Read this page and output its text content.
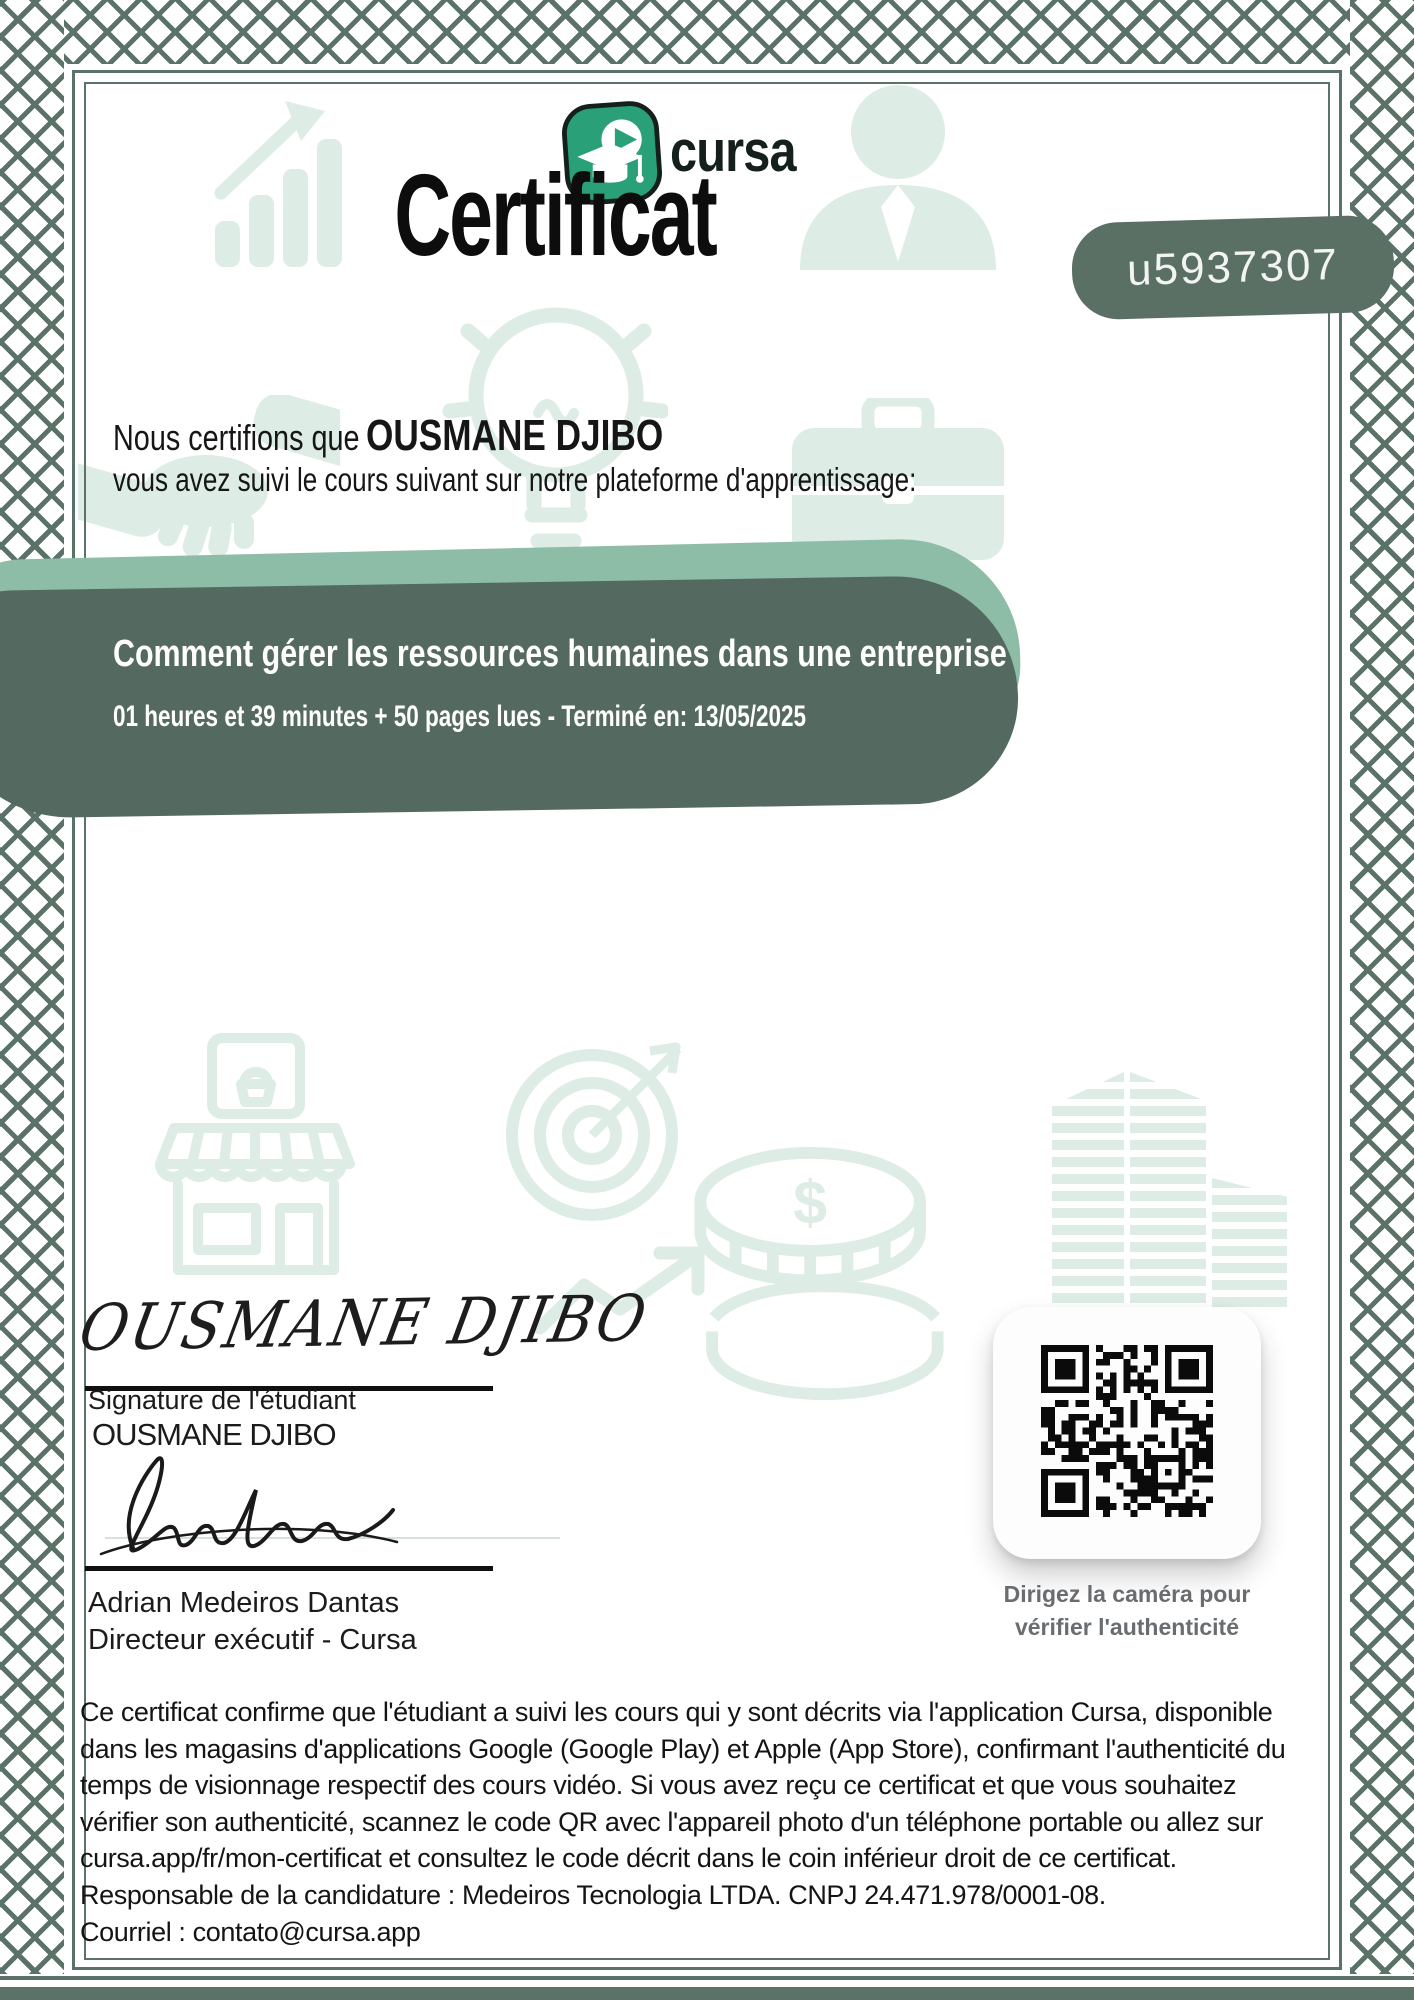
$
cursa
Certificat	u5937307
Nous certifions que OUSMANE DJIBO
vous avez suivi le cours suivant sur notre plateforme d'apprentissage:
Comment gérer les ressources humaines dans une entreprise
01 heures et 39 minutes + 50 pages lues - Terminé en: 13/05/2025
OUSMANE DJIBO
Signature de l'étudiant
OUSMANE DJIBO
Adrian Medeiros Dantas
Directeur exécutif - Cursa
Dirigez la caméra pour
vérifier l'authenticité
Ce certificat confirme que l'étudiant a suivi les cours qui y sont décrits via l'application Cursa, disponible
dans les magasins d'applications Google (Google Play) et Apple (App Store), confirmant l'authenticité du
temps de visionnage respectif des cours vidéo. Si vous avez reçu ce certificat et que vous souhaitez
vérifier son authenticité, scannez le code QR avec l'appareil photo d'un téléphone portable ou allez sur
cursa.app/fr/mon-certificat et consultez le code décrit dans le coin inférieur droit de ce certificat.
Responsable de la candidature : Medeiros Tecnologia LTDA. CNPJ 24.471.978/0001-08.
Courriel : contato@cursa.app
